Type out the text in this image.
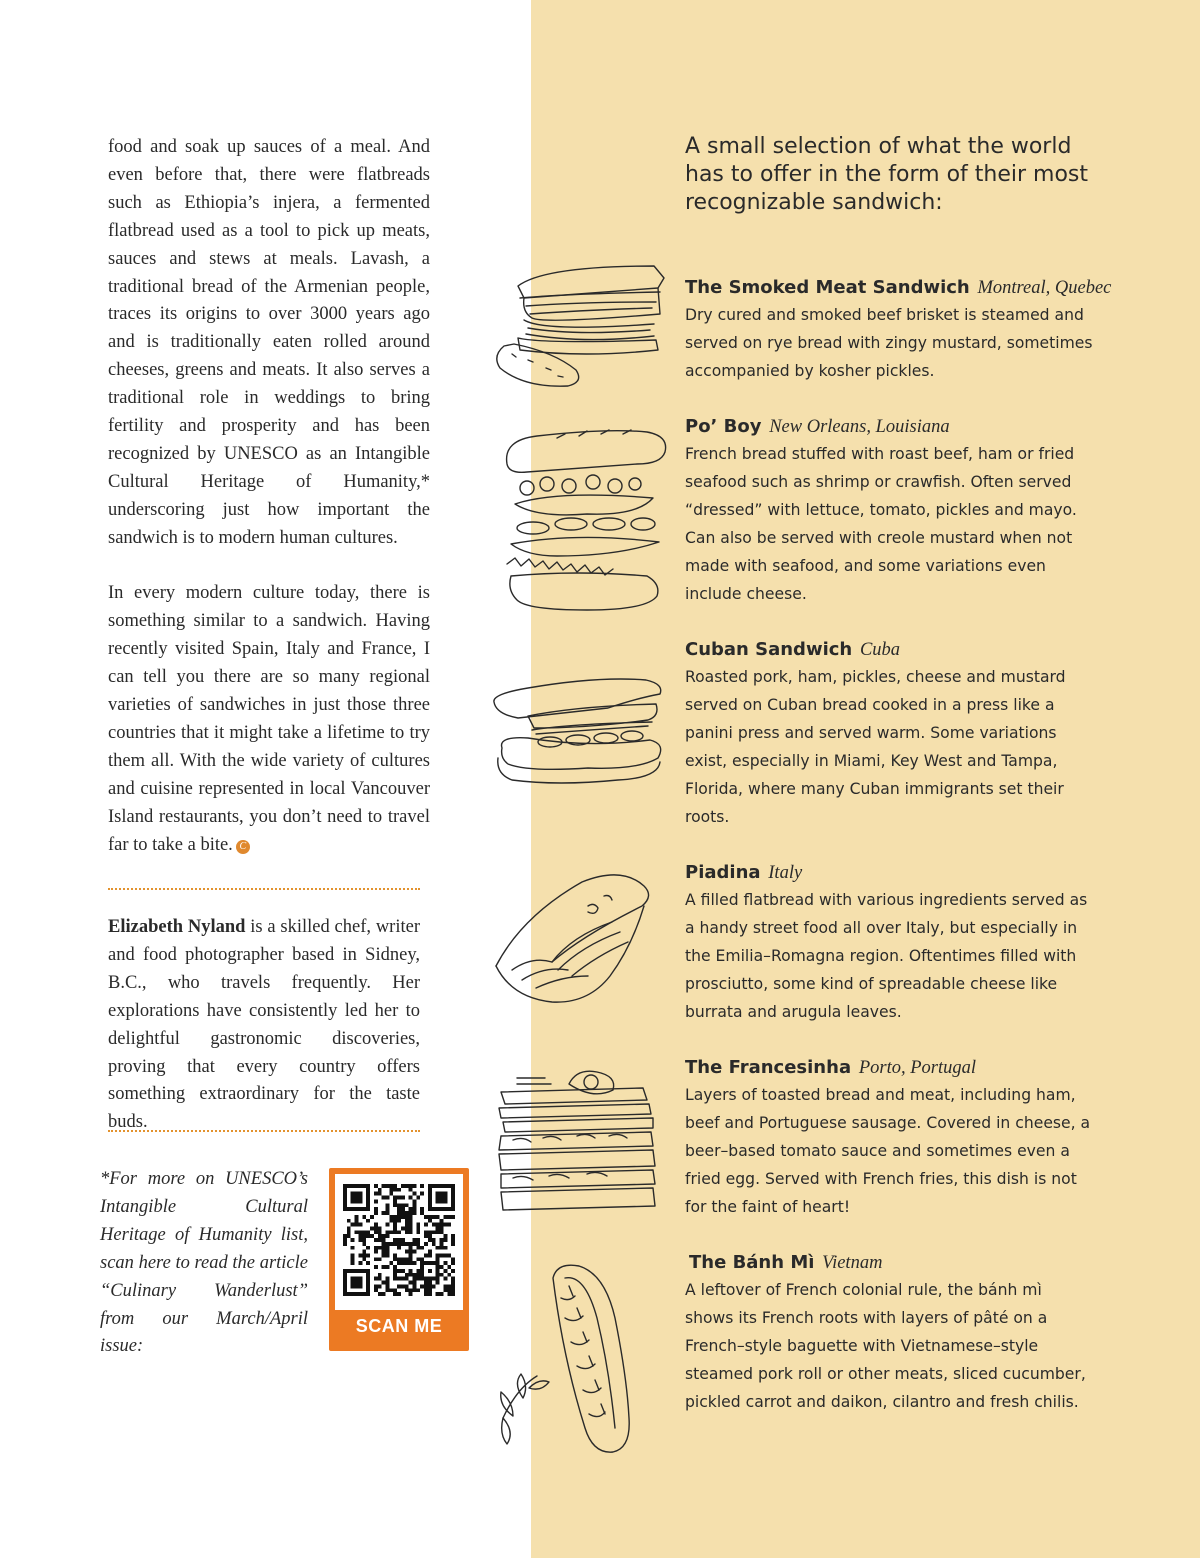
food and soak up sauces of a meal. And even before that, there were flatbreads such as Ethiopia’s injera, a fermented flatbread used as a tool to pick up meats, sauces and stews at meals. Lavash, a traditional bread of the Armenian people, traces its origins to over 3000 years ago and is traditionally eaten rolled around cheeses, greens and meats. It also serves a traditional role in weddings to bring fertility and prosperity and has been recognized by UNESCO as an Intangible Cultural Heritage of Humanity,* underscoring just how important the sandwich is to modern human cultures.

In every modern culture today, there is something similar to a sandwich. Having recently visited Spain, Italy and France, I can tell you there are so many regional varieties of sandwiches in just those three countries that it might take a lifetime to try them all. With the wide variety of cultures and cuisine represented in local Vancouver Island restaurants, you don’t need to travel far to take a bite. C

Elizabeth Nyland is a skilled chef, writer and food photographer based in Sidney, B.C., who travels frequently. Her explorations have consistently led her to delightful gastronomic discoveries, proving that every country offers something extraordinary for the taste buds.

*For more on UNESCO’s Intangible Cultural Heritage of Humanity list, scan here to read the article “Culinary Wanderlust” from our March/April issue:

SCAN ME
A small selection of what the world has to offer in the form of their most recognizable sandwich:
The Smoked Meat Sandwich Montreal, Quebec

Dry cured and smoked beef brisket is steamed and served on rye bread with zingy mustard, sometimes accompanied by kosher pickles.

Po’ Boy New Orleans, Louisiana

French bread stuffed with roast beef, ham or fried seafood such as shrimp or crawfish. Often served “dressed” with lettuce, tomato, pickles and mayo. Can also be served with creole mustard when not made with seafood, and some variations even include cheese.

Cuban Sandwich Cuba

Roasted pork, ham, pickles, cheese and mustard served on Cuban bread cooked in a press like a panini press and served warm. Some variations exist, especially in Miami, Key West and Tampa, Florida, where many Cuban immigrants set their roots.

Piadina Italy

A filled flatbread with various ingredients served as a handy street food all over Italy, but especially in the Emilia–Romagna region. Oftentimes filled with prosciutto, some kind of spreadable cheese like burrata and arugula leaves.

The Francesinha Porto, Portugal

Layers of toasted bread and meat, including ham, beef and Portuguese sausage. Covered in cheese, a beer–based tomato sauce and sometimes even a fried egg. Served with French fries, this dish is not for the faint of heart!

The Bánh Mì Vietnam

A leftover of French colonial rule, the bánh mì shows its French roots with layers of pâté on a French–style baguette with Vietnamese–style steamed pork roll or other meats, sliced cucumber, pickled carrot and daikon, cilantro and fresh chilis.
